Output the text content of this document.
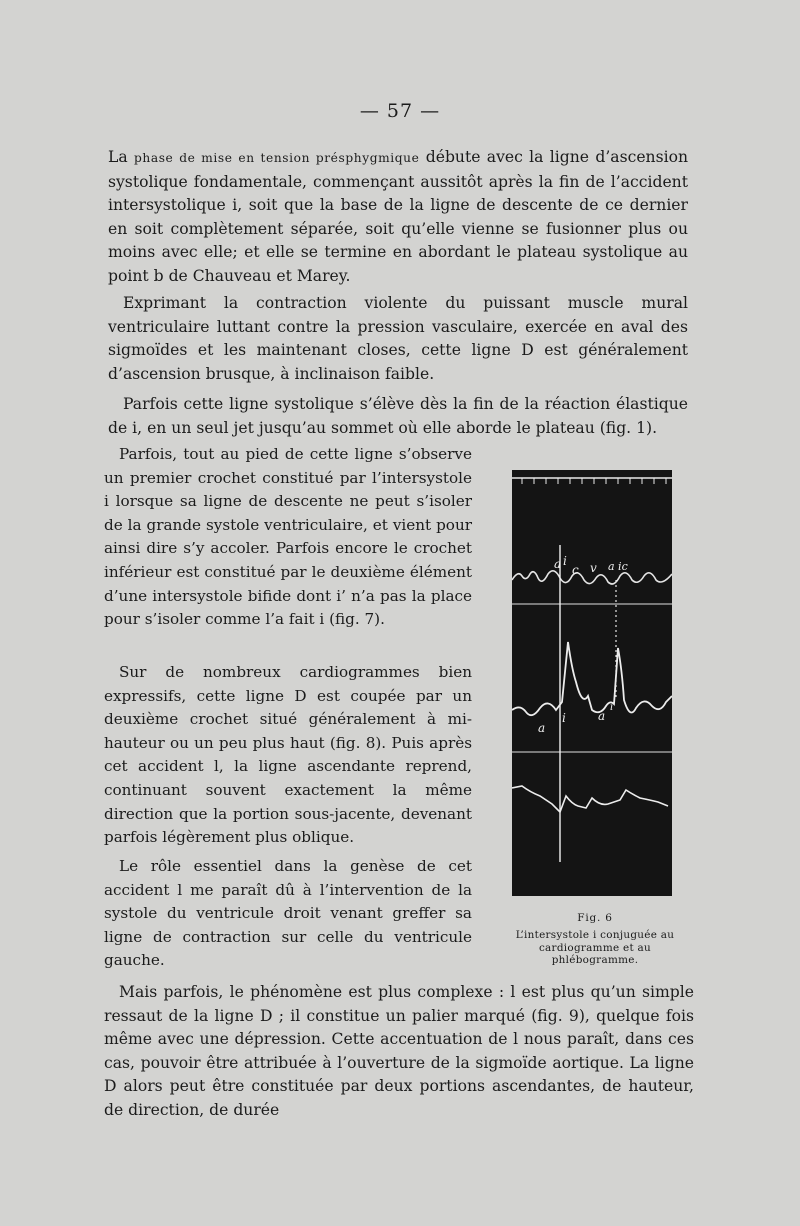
— 57 —

La phase de mise en tension présphygmique débute avec la ligne d’ascension systolique fondamentale, commençant aussitôt après la fin de l’accident intersystolique i, soit que la base de la ligne de descente de ce dernier en soit complètement séparée, soit qu’elle vienne se fusionner plus ou moins avec elle; et elle se termine en abordant le plateau systolique au point b de Chauveau et Marey.

Exprimant la contraction violente du puissant muscle mural ventriculaire luttant contre la pression vasculaire, exercée en aval des sigmoïdes et les maintenant closes, cette ligne D est généralement d’ascension brusque, à inclinaison faible.

Parfois cette ligne systolique s’élève dès la fin de la réaction élastique de i, en un seul jet jusqu’au sommet où elle aborde le plateau (fig. 1).

Parfois, tout au pied de cette ligne s’observe un premier crochet constitué par l’intersystole i lorsque sa ligne de descente ne peut s’isoler de la grande systole ventriculaire, et vient pour ainsi dire s’y accoler. Parfois encore le crochet inférieur est constitué par le deuxième élément d’une intersystole bifide dont i’ n’a pas la place pour s’isoler comme l’a fait i (fig. 7).

Sur de nombreux cardiogrammes bien expressifs, cette ligne D est coupée par un deuxième crochet situé généralement à mi-hauteur ou un peu plus haut (fig. 8). Puis après cet accident l, la ligne ascendante reprend, continuant souvent exactement la même direction que la portion sous-jacente, devenant parfois légèrement plus oblique.

Le rôle essentiel dans la genèse de cet accident l me paraît dû à l’intervention de la systole du ventricule droit venant greffer sa ligne de contraction sur celle du ventricule gauche.

Mais parfois, le phénomène est plus complexe : l est plus qu’un simple ressaut de la ligne D ; il constitue un palier marqué (fig. 9), quelque fois même avec une dépression. Cette accentuation de l nous paraît, dans ces cas, pouvoir être attribuée à l’ouverture de la sigmoïde aortique. La ligne D alors peut être constituée par deux portions ascendantes, de hauteur, de direction, de durée

a i
c v a ic
a
i	a
i
Fig. 6
L’intersystole i conjuguée au cardiogramme et au phlébogramme.
